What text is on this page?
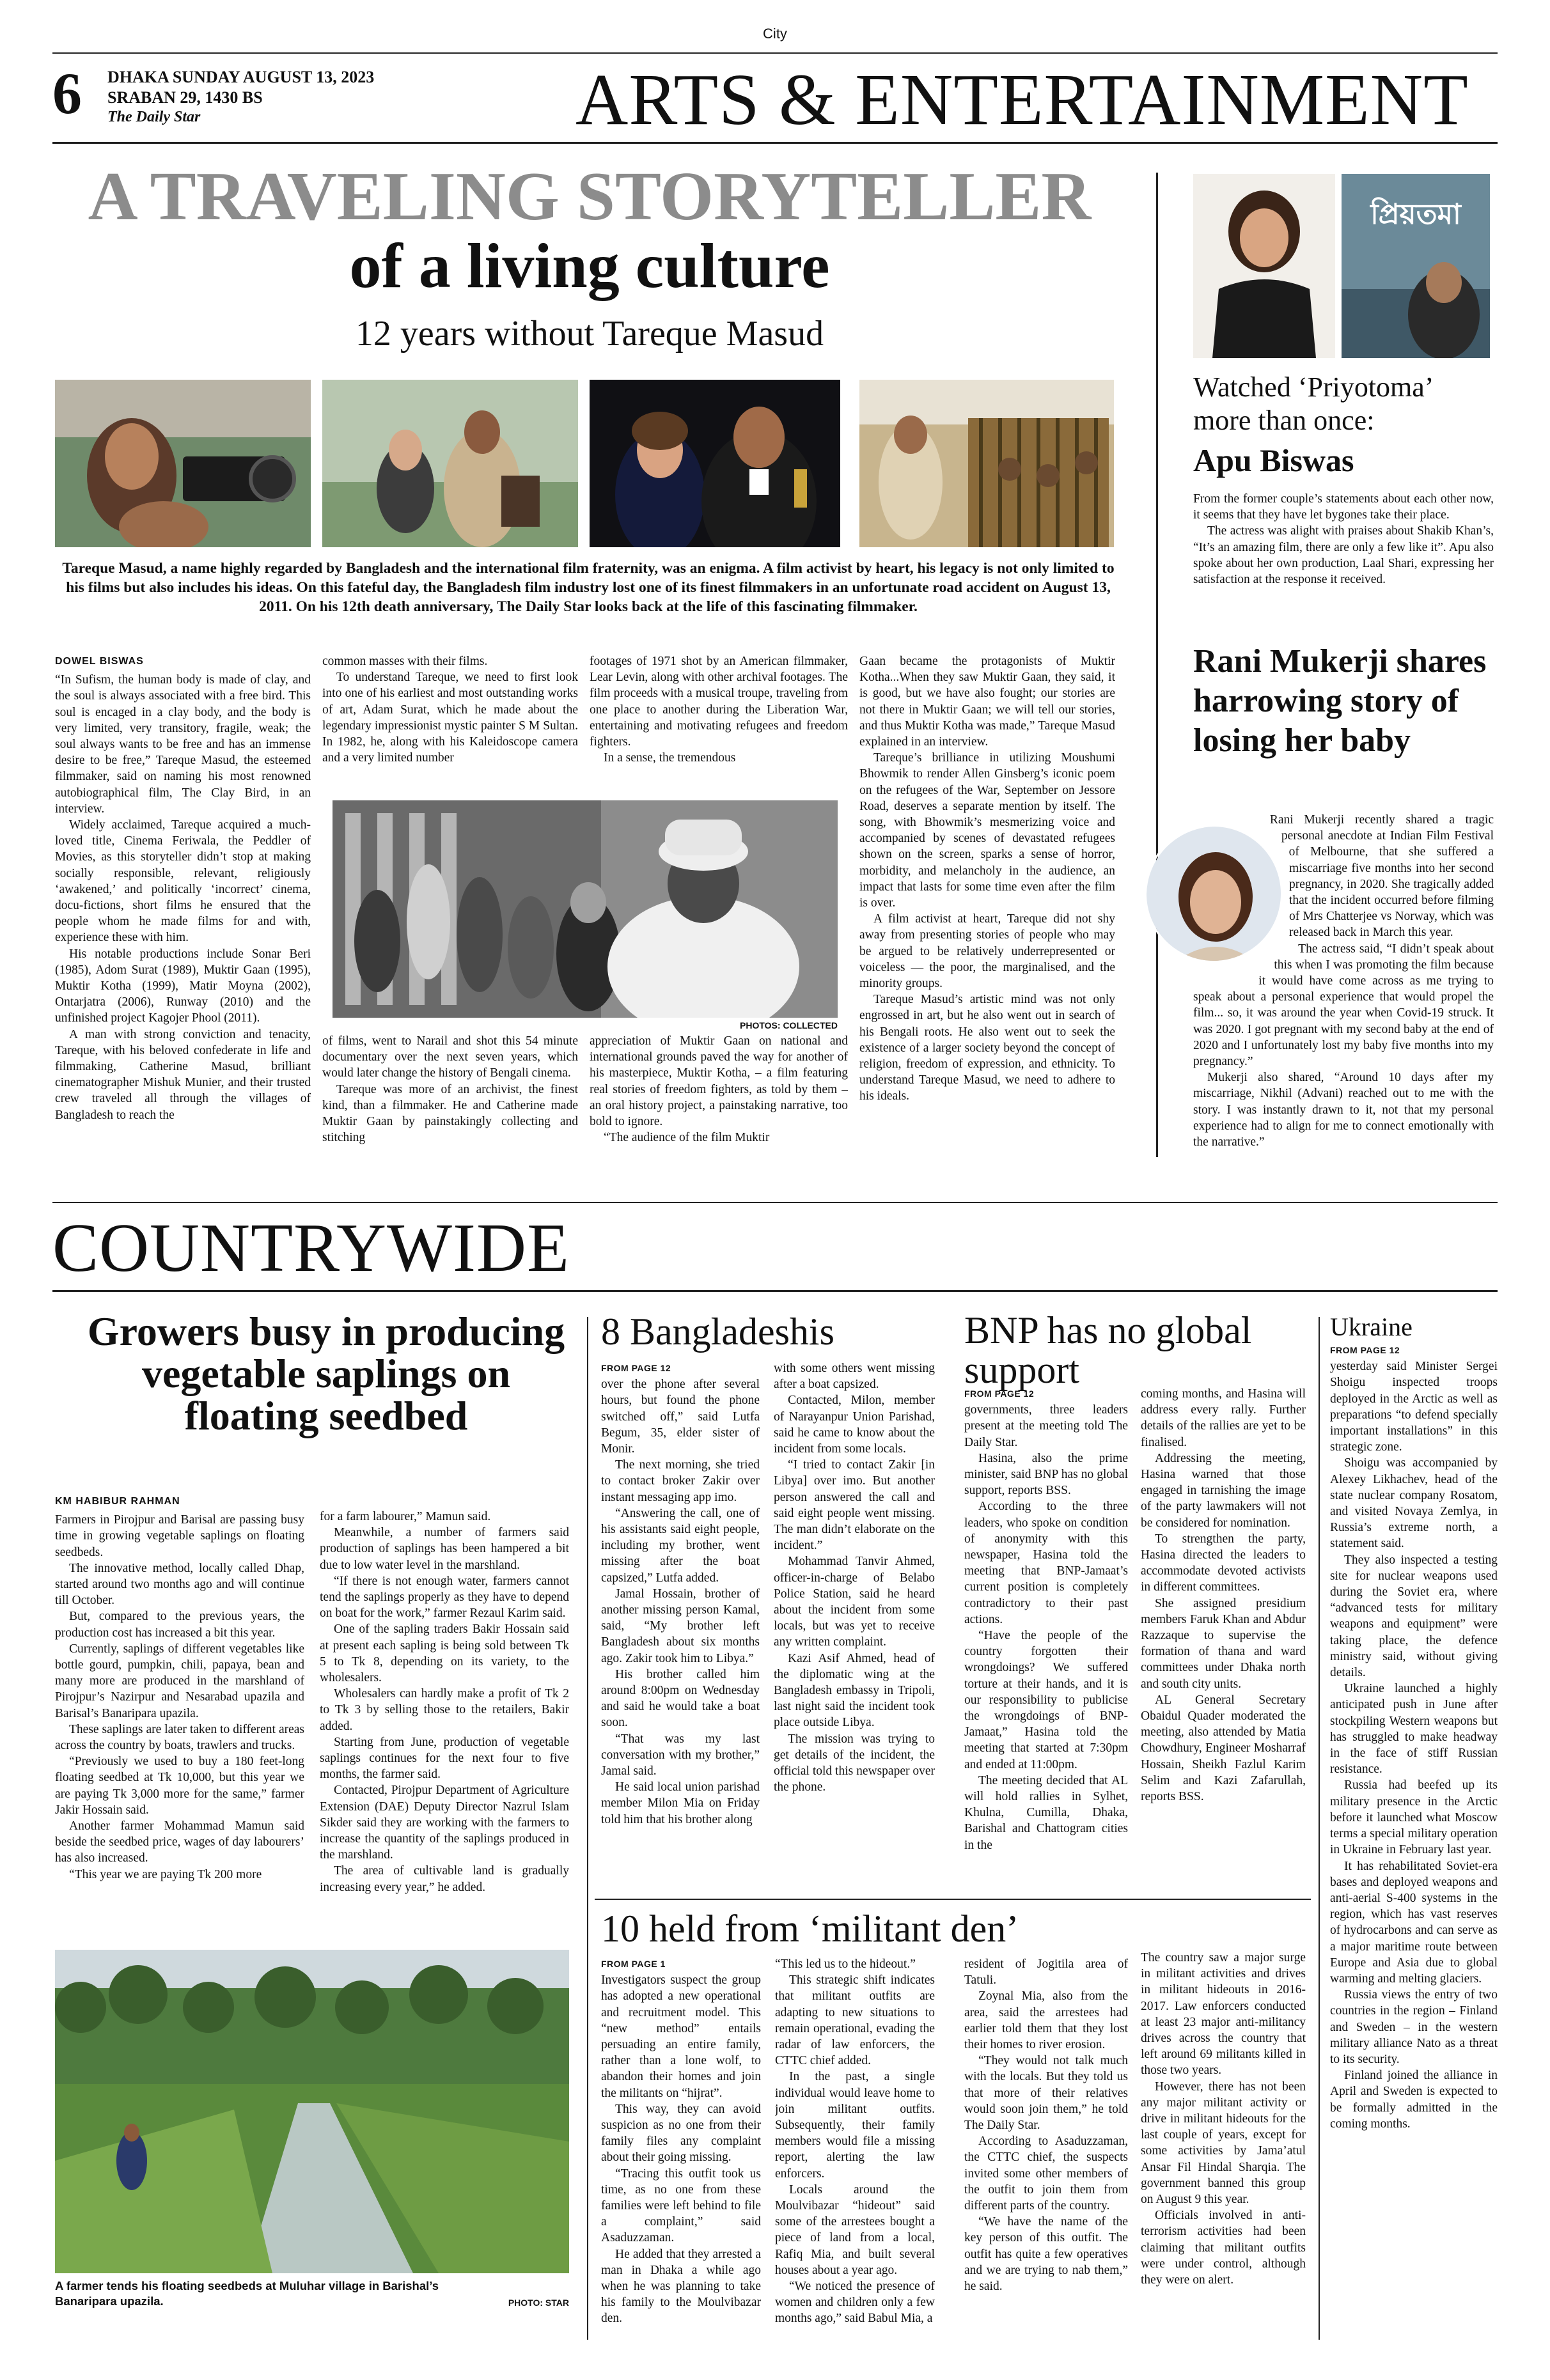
City
6 DHAKA SUNDAY AUGUST 13, 2023
SRABAN 29, 1430 BS
The Daily Star	ARTS & ENTERTAINMENT
A TRAVELING STORYTELLER
of a living culture
12 years without Tareque Masud
Tareque Masud, a name highly regarded by Bangladesh and the international film fraternity, was an enigma. A film activist by heart, his legacy is not only limited to his films but also includes his ideas. On this fateful day, the Bangladesh film industry lost one of its finest filmmakers in an unfortunate road accident on August 13, 2011. On his 12th death anniversary, The Daily Star looks back at the life of this fascinating filmmaker.
DOWEL BISWAS

“In Sufism, the human body is made of clay, and the soul is always associated with a free bird. This soul is encaged in a clay body, and the body is very limited, very transitory, fragile, weak; the soul always wants to be free and has an immense desire to be free,” Tareque Masud, the esteemed filmmaker, said on naming his most renowned autobiographical film, The Clay Bird, in an interview.

Widely acclaimed, Tareque acquired a much-loved title, Cinema Feriwala, the Peddler of Movies, as this storyteller didn’t stop at making socially responsible, relevant, religiously ‘awakened,’ and politically ‘incorrect’ cinema, docu-fictions, short films he ensured that the people whom he made films for and with, experience these with him.

His notable productions include Sonar Beri (1985), Adom Surat (1989), Muktir Gaan (1995), Muktir Kotha (1999), Matir Moyna (2002), Ontarjatra (2006), Runway (2010) and the unfinished project Kagojer Phool (2011).

A man with strong conviction and tenacity, Tareque, with his beloved confederate in life and filmmaking, Catherine Masud, brilliant cinematographer Mishuk Munier, and their trusted crew traveled all through the villages of Bangladesh to reach the

common masses with their films.

To understand Tareque, we need to first look into one of his earliest and most outstanding works of art, Adam Surat, which he made about the legendary impressionist mystic painter S M Sultan. In 1982, he, along with his Kaleidoscope camera and a very limited number

footages of 1971 shot by an American filmmaker, Lear Levin, along with other archival footages. The film proceeds with a musical troupe, traveling from one place to another during the Liberation War, entertaining and motivating refugees and freedom fighters.

In a sense, the tremendous

PHOTOS: COLLECTED

of films, went to Narail and shot this 54 minute documentary over the next seven years, which would later change the history of Bengali cinema.

Tareque was more of an archivist, the finest kind, than a filmmaker. He and Catherine made Muktir Gaan by painstakingly collecting and stitching

appreciation of Muktir Gaan on national and international grounds paved the way for another of his masterpiece, Muktir Kotha, – a film featuring real stories of freedom fighters, as told by them – an oral history project, a painstaking narrative, too bold to ignore.

“The audience of the film Muktir

Gaan became the protagonists of Muktir Kotha...When they saw Muktir Gaan, they said, it is good, but we have also fought; our stories are not there in Muktir Gaan; we will tell our stories, and thus Muktir Kotha was made,” Tareque Masud explained in an interview.

Tareque’s brilliance in utilizing Moushumi Bhowmik to render Allen Ginsberg’s iconic poem on the refugees of the War, September on Jessore Road, deserves a separate mention by itself. The song, with Bhowmik’s mesmerizing voice and accompanied by scenes of devastated refugees shown on the screen, sparks a sense of horror, morbidity, and melancholy in the audience, an impact that lasts for some time even after the film is over.

A film activist at heart, Tareque did not shy away from presenting stories of people who may be argued to be relatively underrepresented or voiceless — the poor, the marginalised, and the minority groups.

Tareque Masud’s artistic mind was not only engrossed in art, but he also went out in search of his Bengali roots. He also went out to seek the existence of a larger society beyond the concept of religion, freedom of expression, and ethnicity. To understand Tareque Masud, we need to adhere to his ideals.

প্রিয়তমা
Watched ‘Priyotoma’ more than once:
Apu Biswas

From the former couple’s statements about each other now, it seems that they have let bygones take their place.

The actress was alight with praises about Shakib Khan’s, “It’s an amazing film, there are only a few like it”. Apu also spoke about her own production, Laal Shari, expressing her satisfaction at the response it received.

Rani Mukerji shares harrowing story of losing her baby

Rani Mukerji recently shared a tragic personal anecdote at Indian Film Festival of Melbourne, that she suffered a miscarriage five months into her second pregnancy, in 2020. She tragically added that the incident occurred before filming of Mrs Chatterjee vs Norway, which was released back in March this year.

The actress said, “I didn’t speak about this when I was promoting the film because it would have come across as me trying to speak about a personal experience that would propel the film... so, it was around the year when Covid-19 struck. It was 2020. I got pregnant with my second baby at the end of 2020 and I unfortunately lost my baby five months into my pregnancy.”

Mukerji also shared, “Around 10 days after my miscarriage, Nikhil (Advani) reached out to me with the story. I was instantly drawn to it, not that my personal experience had to align for me to connect emotionally with the narrative.”

COUNTRYWIDE
Growers busy in producing vegetable saplings on floating seedbed
KM HABIBUR RAHMAN

Farmers in Pirojpur and Barisal are passing busy time in growing vegetable saplings on floating seedbeds.

The innovative method, locally called Dhap, started around two months ago and will continue till October.

But, compared to the previous years, the production cost has increased a bit this year.

Currently, saplings of different vegetables like bottle gourd, pumpkin, chili, papaya, bean and many more are produced in the marshland of Pirojpur’s Nazirpur and Nesarabad upazila and Barisal’s Banaripara upazila.

These saplings are later taken to different areas across the country by boats, trawlers and trucks.

“Previously we used to buy a 180 feet-long floating seedbed at Tk 10,000, but this year we are paying Tk 3,000 more for the same,” farmer Jakir Hossain said.

Another farmer Mohammad Mamun said beside the seedbed price, wages of day labourers’ has also increased.

“This year we are paying Tk 200 more

for a farm labourer,” Mamun said.

Meanwhile, a number of farmers said production of saplings has been hampered a bit due to low water level in the marshland.

“If there is not enough water, farmers cannot tend the saplings properly as they have to depend on boat for the work,” farmer Rezaul Karim said.

One of the sapling traders Bakir Hossain said at present each sapling is being sold between Tk 5 to Tk 8, depending on its variety, to the wholesalers.

Wholesalers can hardly make a profit of Tk 2 to Tk 3 by selling those to the retailers, Bakir added.

Starting from June, production of vegetable saplings continues for the next four to five months, the farmer said.

Contacted, Pirojpur Department of Agriculture Extension (DAE) Deputy Director Nazrul Islam Sikder said they are working with the farmers to increase the quantity of the saplings produced in the marshland.

The area of cultivable land is gradually increasing every year,” he added.

A farmer tends his floating seedbeds at Muluhar village in Barishal’s Banaripara upazila.	PHOTO: STAR
8 Bangladeshis
FROM PAGE 12

over the phone after several hours, but found the phone switched off,” said Lutfa Begum, 35, elder sister of Monir.

The next morning, she tried to contact broker Zakir over instant messaging app imo.

“Answering the call, one of his assistants said eight people, including my brother, went missing after the boat capsized,” Lutfa added.

Jamal Hossain, brother of another missing person Kamal, said, “My brother left Bangladesh about six months ago. Zakir took him to Libya.”

His brother called him around 8:00pm on Wednesday and said he would take a boat soon.

“That was my last conversation with my brother,” Jamal said.

He said local union parishad member Milon Mia on Friday told him that his brother along

with some others went missing after a boat capsized.

Contacted, Milon, member of Narayanpur Union Parishad, said he came to know about the incident from some locals.

“I tried to contact Zakir [in Libya] over imo. But another person answered the call and said eight people went missing. The man didn’t elaborate on the incident.”

Mohammad Tanvir Ahmed, officer-in-charge of Belabo Police Station, said he heard about the incident from some locals, but was yet to receive any written complaint.

Kazi Asif Ahmed, head of the diplomatic wing at the Bangladesh embassy in Tripoli, last night said the incident took place outside Libya.

The mission was trying to get details of the incident, the official told this newspaper over the phone.

BNP has no global support
FROM PAGE 12

governments, three leaders present at the meeting told The Daily Star.

Hasina, also the prime minister, said BNP has no global support, reports BSS.

According to the three leaders, who spoke on condition of anonymity with this newspaper, Hasina told the meeting that BNP-Jamaat’s current position is completely contradictory to their past actions.

“Have the people of the country forgotten their wrongdoings? We suffered torture at their hands, and it is our responsibility to publicise the wrongdoings of BNP-Jamaat,” Hasina told the meeting that started at 7:30pm and ended at 11:00pm.

The meeting decided that AL will hold rallies in Sylhet, Khulna, Cumilla, Dhaka, Barishal and Chattogram cities in the

coming months, and Hasina will address every rally. Further details of the rallies are yet to be finalised.

Addressing the meeting, Hasina warned that those engaged in tarnishing the image of the party lawmakers will not be considered for nomination.

To strengthen the party, Hasina directed the leaders to accommodate devoted activists in different committees.

She assigned presidium members Faruk Khan and Abdur Razzaque to supervise the formation of thana and ward committees under Dhaka north and south city units.

AL General Secretary Obaidul Quader moderated the meeting, also attended by Matia Chowdhury, Engineer Mosharraf Hossain, Sheikh Fazlul Karim Selim and Kazi Zafarullah, reports BSS.

Ukraine
FROM PAGE 12

yesterday said Minister Sergei Shoigu inspected troops deployed in the Arctic as well as preparations “to defend specially important installations” in this strategic zone.

Shoigu was accompanied by Alexey Likhachev, head of the state nuclear company Rosatom, and visited Novaya Zemlya, in Russia’s extreme north, a statement said.

They also inspected a testing site for nuclear weapons used during the Soviet era, where “advanced tests for military weapons and equipment” were taking place, the defence ministry said, without giving details.

Ukraine launched a highly anticipated push in June after stockpiling Western weapons but has struggled to make headway in the face of stiff Russian resistance.

Russia had beefed up its military presence in the Arctic before it launched what Moscow terms a special military operation in Ukraine in February last year.

It has rehabilitated Soviet-era bases and deployed weapons and anti-aerial S-400 systems in the region, which has vast reserves of hydrocarbons and can serve as a major maritime route between Europe and Asia due to global warming and melting glaciers.

Russia views the entry of two countries in the region – Finland and Sweden – in the western military alliance Nato as a threat to its security.

Finland joined the alliance in April and Sweden is expected to be formally admitted in the coming months.

10 held from ‘militant den’
FROM PAGE 1

Investigators suspect the group has adopted a new operational and recruitment model. This “new method” entails persuading an entire family, rather than a lone wolf, to abandon their homes and join the militants on “hijrat”.

This way, they can avoid suspicion as no one from their family files any complaint about their going missing.

“Tracing this outfit took us time, as no one from these families were left behind to file a complaint,” said Asaduzzaman.

He added that they arrested a man in Dhaka a while ago when he was planning to take his family to the Moulvibazar den.

“This led us to the hideout.”

This strategic shift indicates that militant outfits are adapting to new situations to remain operational, evading the radar of law enforcers, the CTTC chief added.

In the past, a single individual would leave home to join militant outfits. Subsequently, their family members would file a missing report, alerting the law enforcers.

Locals around the Moulvibazar “hideout” said some of the arrestees bought a piece of land from a local, Rafiq Mia, and built several houses about a year ago.

“We noticed the presence of women and children only a few months ago,” said Babul Mia, a

resident of Jogitila area of Tatuli.

Zoynal Mia, also from the area, said the arrestees had earlier told them that they lost their homes to river erosion.

“They would not talk much with the locals. But they told us that more of their relatives would soon join them,” he told The Daily Star.

According to Asaduzzaman, the CTTC chief, the suspects invited some other members of the outfit to join them from different parts of the country.

“We have the name of the key person of this outfit. The outfit has quite a few operatives and we are trying to nab them,” he said.

The country saw a major surge in militant activities and drives in militant hideouts in 2016-2017. Law enforcers conducted at least 23 major anti-militancy drives across the country that left around 69 militants killed in those two years.

However, there has not been any major militant activity or drive in militant hideouts for the last couple of years, except for some activities by Jama’atul Ansar Fil Hindal Sharqia. The government banned this group on August 9 this year.

Officials involved in anti-terrorism activities had been claiming that militant outfits were under control, although they were on alert.
